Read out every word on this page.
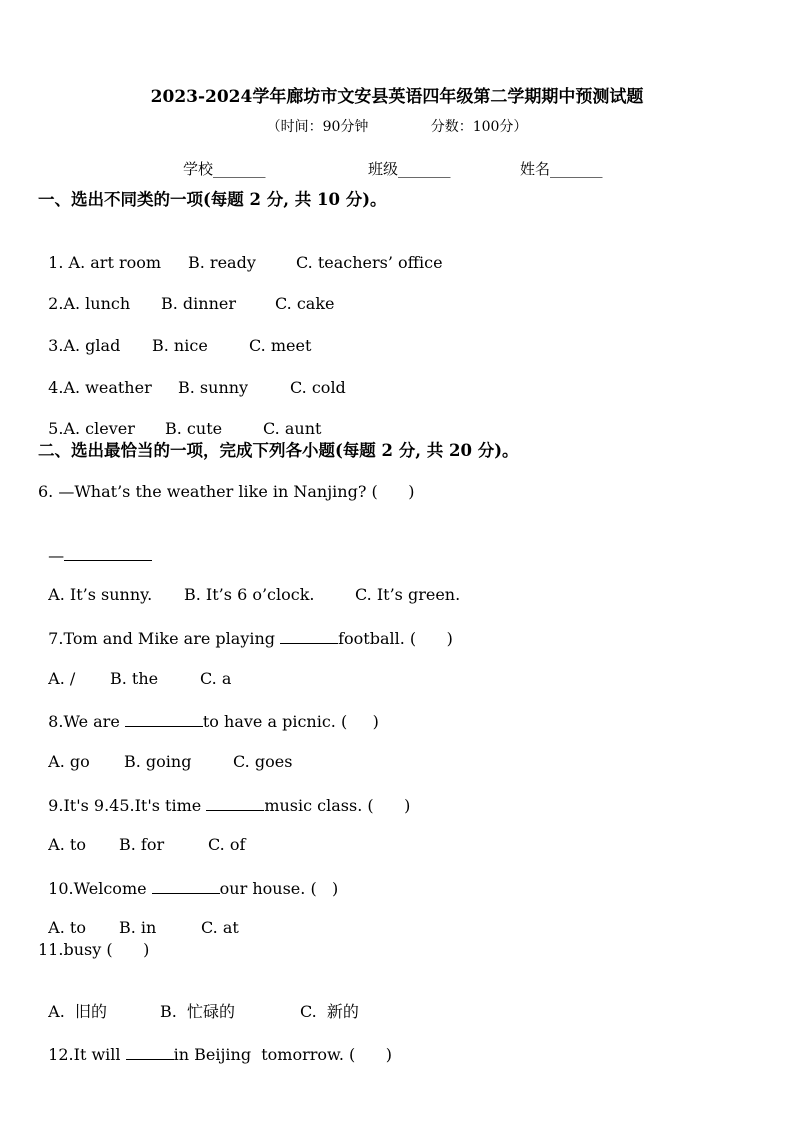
2023-2024学年廊坊市文安县英语四年级第二学期期中预测试题
（时间：90分钟              分数：100分）
学校_______	班级_______	姓名_______
一、选出不同类的一项(每题 2 分, 共 10 分)。

1. A. art room B. ready	C. teachers’ office

2.A. lunch B. dinner C. cake

3.A. glad B. nice	C. meet

4.A. weather B. sunny	C. cold

5.A. clever B. cute	C. aunt

二、选出最恰当的一项，完成下列各小题(每题 2 分, 共 20 分)。
6. —What’s the weather like in Nanjing? (      )

—

A. It’s sunny. B. It’s 6 o’clock.	C. It’s green.

7.Tom and Mike are playing	football. (      )

A. / B. the	C. a

8.We are	to have a picnic. (     )

A. go B. going	C. goes

9.It's 9.45.It's time	music class. (      )

A. to B. for	C. of

10.Welcome	our house. (   )

A. to B. in	C. at

11.busy (      )

A.  旧的	B.  忙碌的	C.  新的

12.It will	in Beijing  tomorrow. (      )
